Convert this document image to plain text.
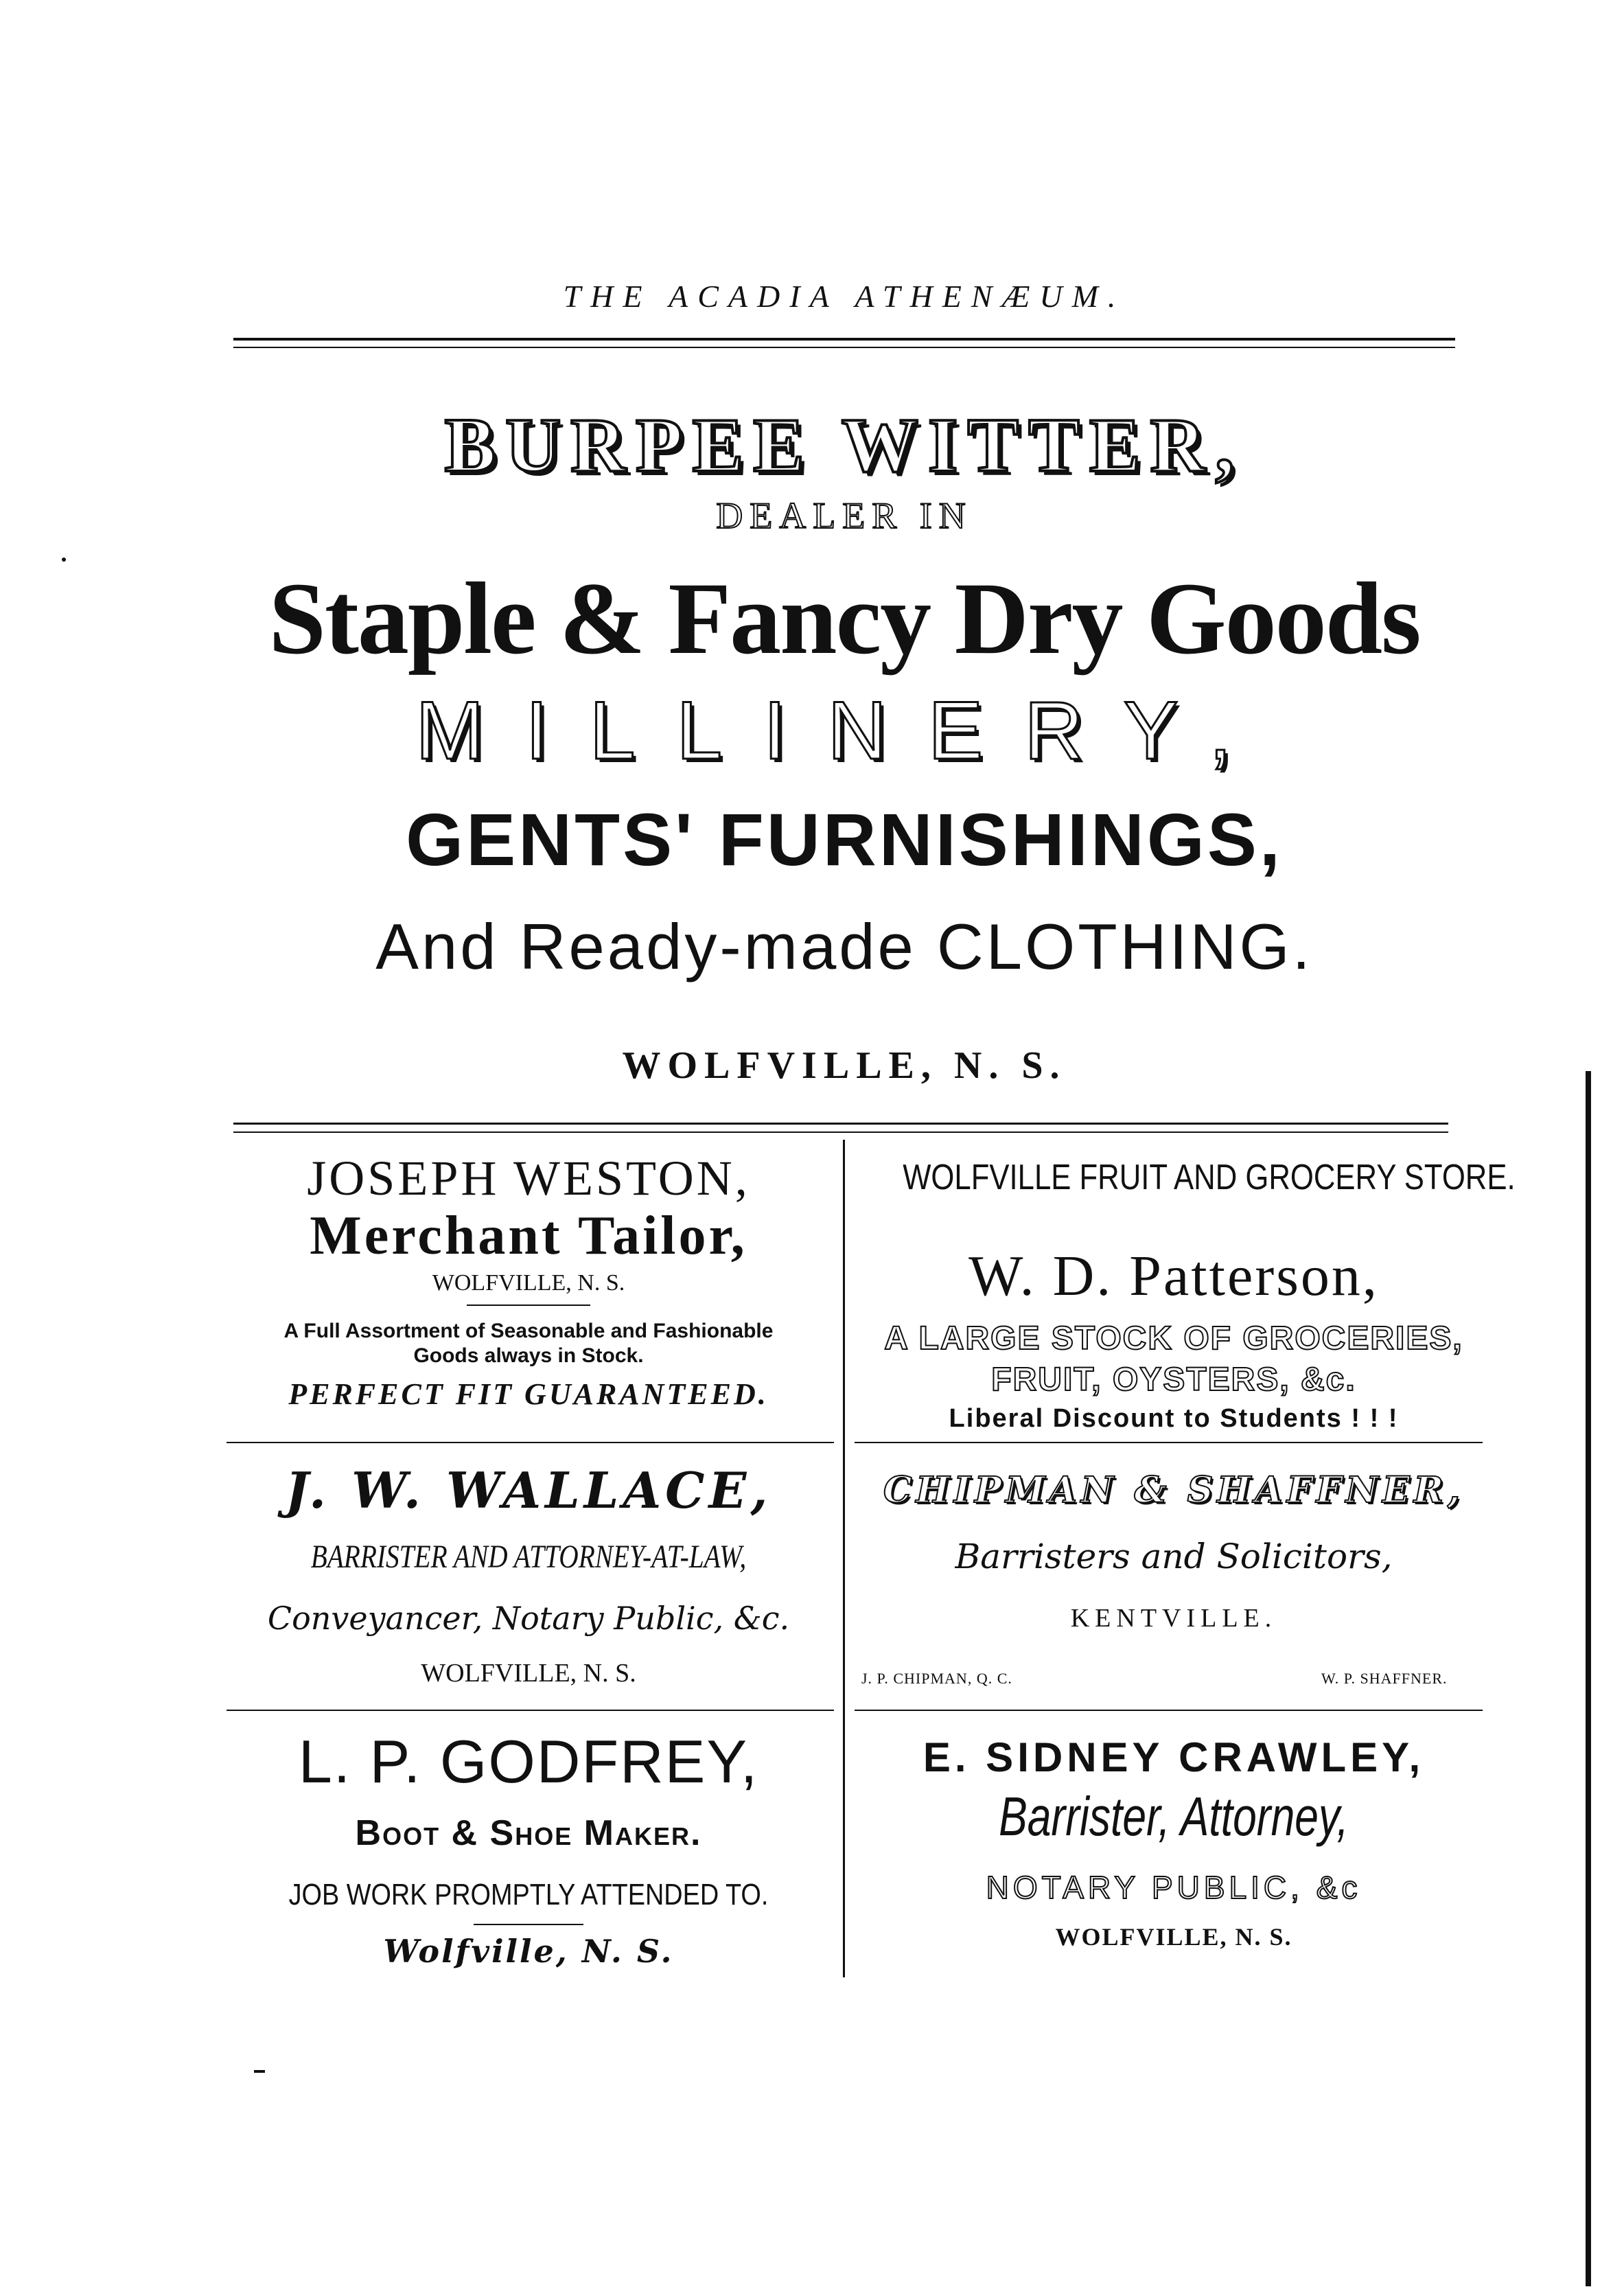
THE ACADIA ATHENÆUM.
BURPEE WITTER,
DEALER IN
Staple & Fancy Dry Goods
MILLINERY,
GENTS' FURNISHINGS,
And Ready-made CLOTHING.
WOLFVILLE, N. S.
JOSEPH WESTON,
Merchant Tailor,
WOLFVILLE, N. S.
A Full Assortment of Seasonable and Fashionable
Goods always in Stock.
PERFECT FIT GUARANTEED.
WOLFVILLE FRUIT AND GROCERY STORE.
W. D. Patterson,
A LARGE STOCK OF GROCERIES,
FRUIT, OYSTERS, &c.
Liberal Discount to Students ! ! !
J. W. WALLACE,
BARRISTER AND ATTORNEY-AT-LAW,
Conveyancer, Notary Public, &c.
WOLFVILLE, N. S.
CHIPMAN & SHAFFNER,
Barristers and Solicitors,
KENTVILLE.
J. P. CHIPMAN, Q. C.	W. P. SHAFFNER.
L. P. GODFREY,
Boot & Shoe Maker.
JOB WORK PROMPTLY ATTENDED TO.
Wolfville, N. S.
E. SIDNEY CRAWLEY,
Barrister, Attorney,
NOTARY PUBLIC, &c
WOLFVILLE, N. S.
